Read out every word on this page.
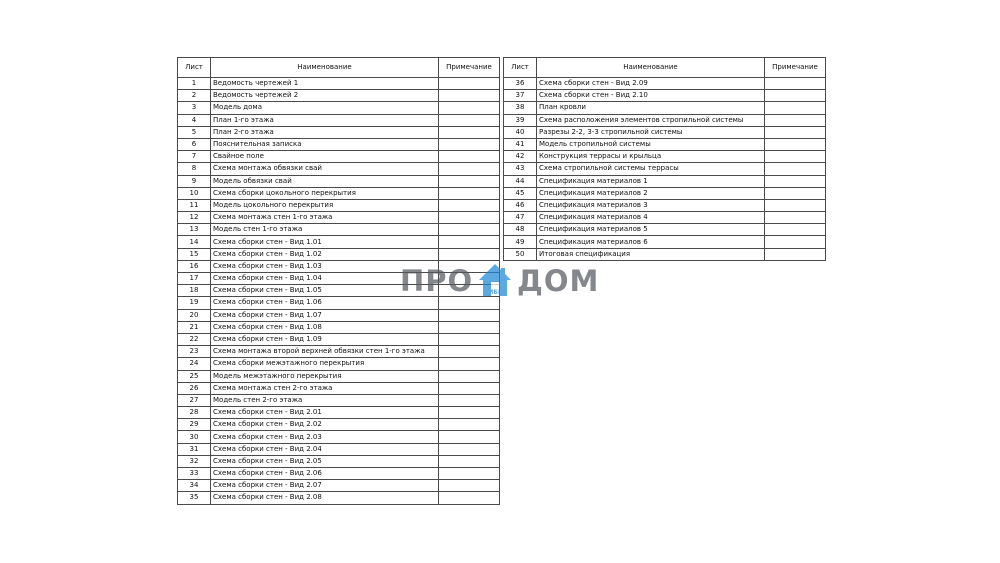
Лист	Наименование	Примечание
1	Ведомость чертежей 1	
2	Ведомость чертежей 2	
3	Модель дома	
4	План 1-го этажа	
5	План 2-го этажа	
6	Пояснительная записка	
7	Свайное поле	
8	Схема монтажа обвязки свай	
9	Модель обвязки свай	
10	Схема сборки цокольного перекрытия	
11	Модель цокольного перекрытия	
12	Схема монтажа стен 1-го этажа	
13	Модель стен 1-го этажа	
14	Схема сборки стен - Вид 1.01	
15	Схема сборки стен - Вид 1.02	
16	Схема сборки стен - Вид 1.03	
17	Схема сборки стен - Вид 1.04	
18	Схема сборки стен - Вид 1.05	
19	Схема сборки стен - Вид 1.06	
20	Схема сборки стен - Вид 1.07	
21	Схема сборки стен - Вид 1.08	
22	Схема сборки стен - Вид 1.09	
23	Схема монтажа второй верхней обвязки стен 1-го этажа	
24	Схема сборки межэтажного перекрытия	
25	Модель межэтажного перекрытия	
26	Схема монтажа стен 2-го этажа	
27	Модель стен 2-го этажа	
28	Схема сборки стен - Вид 2.01	
29	Схема сборки стен - Вид 2.02	
30	Схема сборки стен - Вид 2.03	
31	Схема сборки стен - Вид 2.04	
32	Схема сборки стен - Вид 2.05	
33	Схема сборки стен - Вид 2.06	
34	Схема сборки стен - Вид 2.07	
35	Схема сборки стен - Вид 2.08	
Лист	Наименование	Примечание
36	Схема сборки стен - Вид 2.09	
37	Схема сборки стен - Вид 2.10	
38	План кровли	
39	Схема расположения элементов стропильной системы	
40	Разрезы 2-2, 3-3 стропильной системы	
41	Модель стропильной системы	
42	Конструкция террасы и крыльца	
43	Схема стропильной системы террасы	
44	Спецификация материалов 1	
45	Спецификация материалов 2	
46	Спецификация материалов 3	
47	Спецификация материалов 4	
48	Спецификация материалов 5	
49	Спецификация материалов 6	
50	Итоговая спецификация	
ПРО СИБИ ДОМ
